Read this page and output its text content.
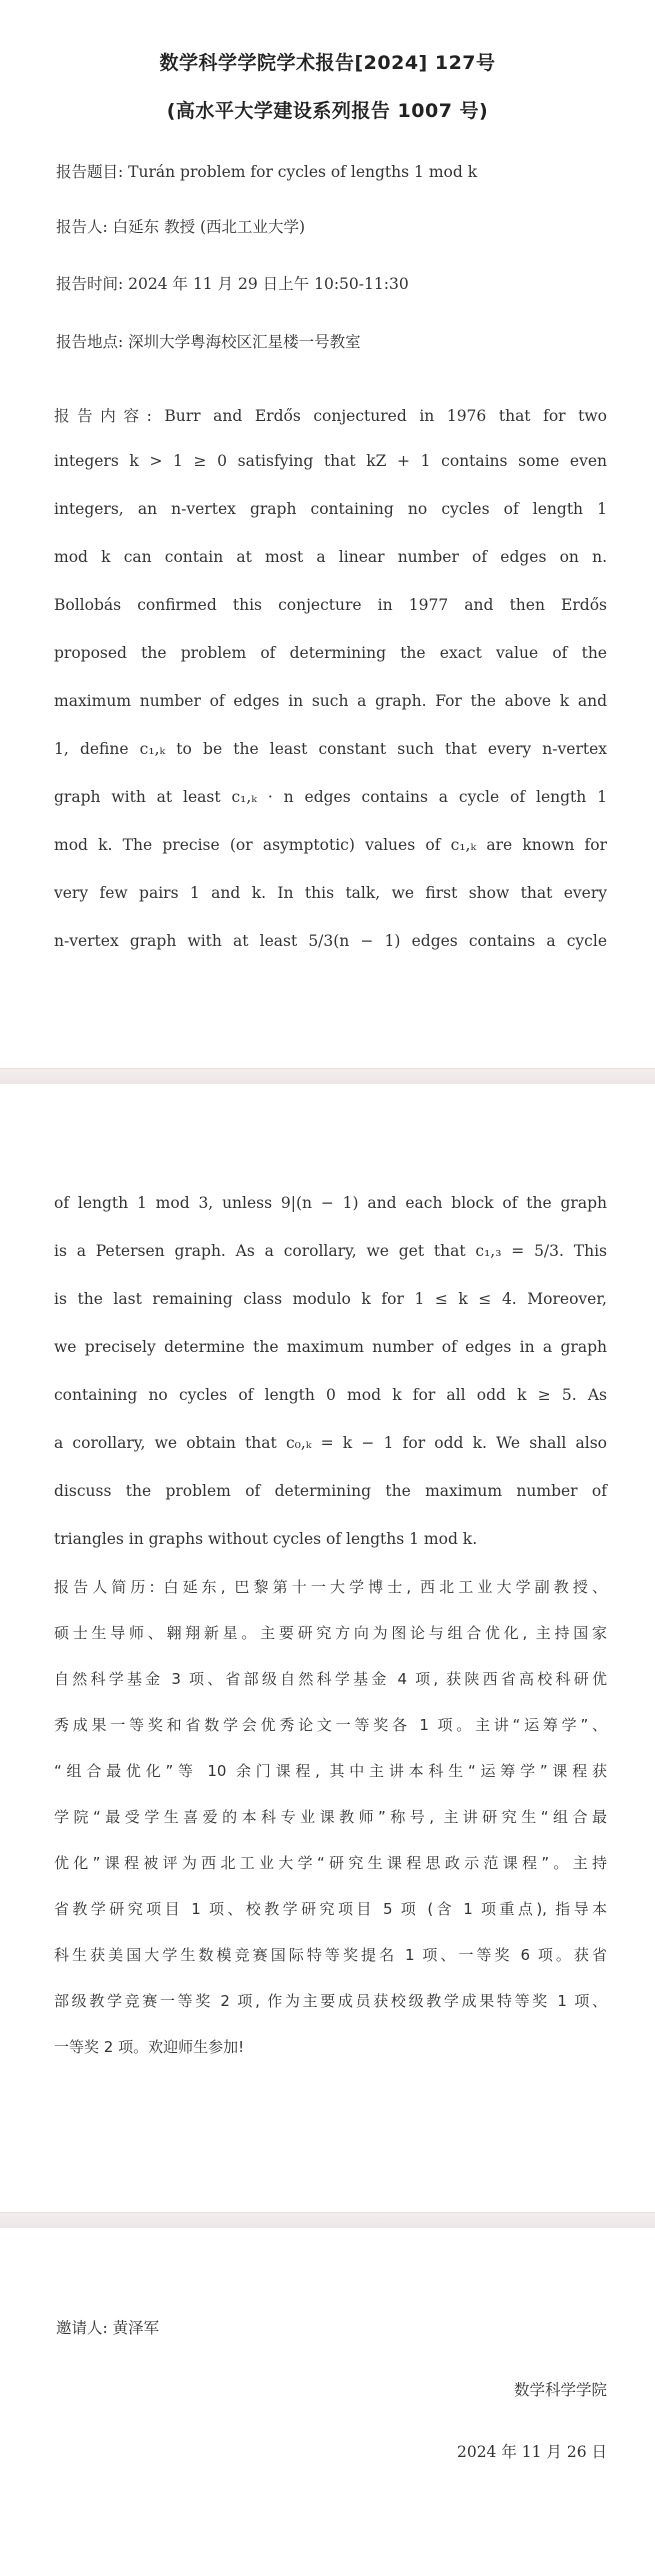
数学科学学院学术报告[2024] 127号
(高水平大学建设系列报告 1007 号)
报告题目: Turán problem for cycles of lengths 1 mod k
报告人: 白延东 教授 (西北工业大学)
报告时间: 2024 年 11 月 29 日上午 10:50-11:30
报告地点: 深圳大学粤海校区汇星楼一号教室
报告内容: Burr and Erdős conjectured in 1976 that for two
integers k > 1 ≥ 0 satisfying that kZ + 1 contains some even
integers, an n-vertex graph containing no cycles of length 1
mod k can contain at most a linear number of edges on n.
Bollobás confirmed this conjecture in 1977 and then Erdős
proposed the problem of determining the exact value of the
maximum number of edges in such a graph. For the above k and
1, define c₁,ₖ to be the least constant such that every n-vertex
graph with at least c₁,ₖ · n edges contains a cycle of length 1
mod k. The precise (or asymptotic) values of c₁,ₖ are known for
very few pairs 1 and k. In this talk, we first show that every
n-vertex graph with at least 5/3(n − 1) edges contains a cycle
of length 1 mod 3, unless 9|(n − 1) and each block of the graph
is a Petersen graph. As a corollary, we get that c₁,₃ = 5/3. This
is the last remaining class modulo k for 1 ≤ k ≤ 4. Moreover,
we precisely determine the maximum number of edges in a graph
containing no cycles of length 0 mod k for all odd k ≥ 5. As
a corollary, we obtain that c₀,ₖ = k − 1 for odd k. We shall also
discuss the problem of determining the maximum number of
triangles in graphs without cycles of lengths 1 mod k.
报告人简历: 白延东, 巴黎第十一大学博士, 西北工业大学副教授、
硕士生导师、翱翔新星。主要研究方向为图论与组合优化, 主持国家
自然科学基金 3 项、省部级自然科学基金 4 项, 获陕西省高校科研优
秀成果一等奖和省数学会优秀论文一等奖各 1 项。主讲“运筹学”、
“组合最优化”等 10 余门课程, 其中主讲本科生“运筹学”课程获
学院“最受学生喜爱的本科专业课教师”称号, 主讲研究生“组合最
优化”课程被评为西北工业大学“研究生课程思政示范课程”。主持
省教学研究项目 1 项、校教学研究项目 5 项 (含 1 项重点), 指导本
科生获美国大学生数模竞赛国际特等奖提名 1 项、一等奖 6 项。获省
部级教学竞赛一等奖 2 项, 作为主要成员获校级教学成果特等奖 1 项、
一等奖 2 项。欢迎师生参加!
邀请人: 黄泽军
数学科学学院
2024 年 11 月 26 日
